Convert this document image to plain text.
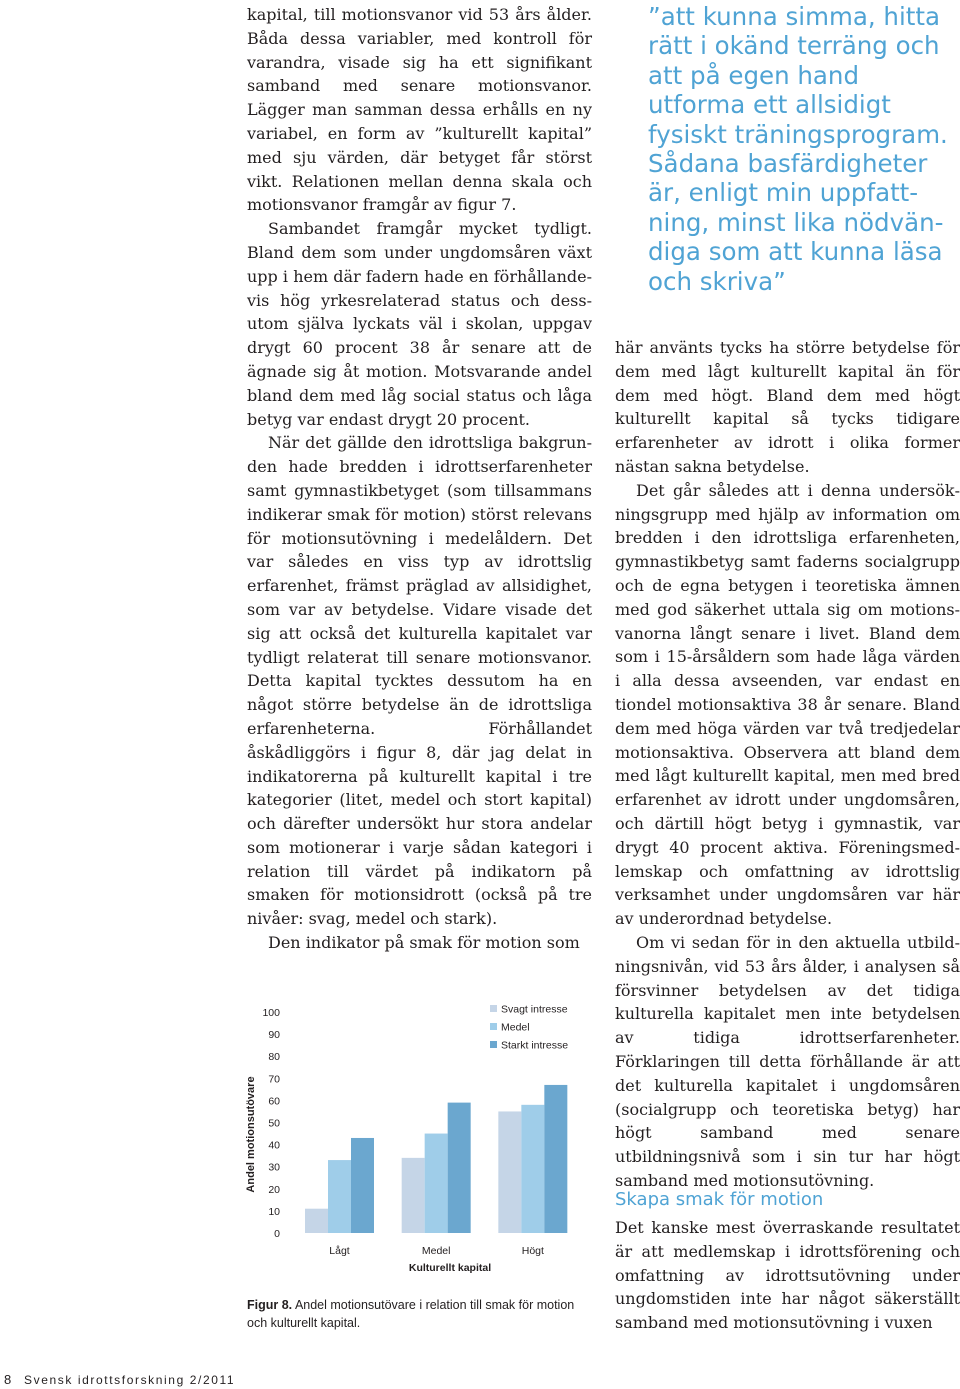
”att kunna simma, hitta rätt i okänd terräng och att på egen hand utforma ett allsidigt fysiskt träningsprogram. Sådana basfärdigheter är, enligt min uppfattning, minst lika nödvändiga som att kunna läsa och skriva”

kapital, till motionsvanor vid 53 års ålder. Båda dessa variabler, med kontroll för varandra, visade sig ha ett signifikant samband med senare motionsvanor. Lägger man samman dessa erhålls en ny variabel, en form av ”kulturellt kapital” med sju värden, där betyget får störst vikt. Relationen mellan denna skala och motionsvanor framgår av figur 7.

Sambandet framgår mycket tydligt. Bland dem som under ungdomsåren växt upp i hem där fadern hade en förhållandevis hög yrkesrelaterad status och dessutom själva lyckats väl i skolan, uppgav drygt 60 procent 38 år senare att de ägnade sig åt motion. Motsvarande andel bland dem med låg social status och låga betyg var endast drygt 20 procent.

När det gällde den idrottsliga bakgrunden hade bredden i idrottserfarenheter samt gymnastikbetyget (som tillsammans indikerar smak för motion) störst relevans för motionsutövning i medelåldern. Det var således en viss typ av idrottslig erfarenhet, främst präglad av allsidighet, som var av betydelse. Vidare visade det sig att också det kulturella kapitalet var tydligt relaterat till senare motionsvanor. Detta kapital tycktes dessutom ha en något större betydelse än de idrottsliga erfarenheterna. Förhållandet åskådliggörs i figur 8, där jag delat in indikatorerna på kulturellt kapital i tre kategorier (litet, medel och stort kapital) och därefter undersökt hur stora andelar som motionerar i varje sådan kategori i relation till värdet på indikatorn på smaken för motionsidrott (också på tre nivåer: svag, medel och stark).

Den indikator på smak för motion som

här använts tycks ha större betydelse för dem med lågt kulturellt kapital än för dem med högt. Bland dem med högt kulturellt kapital så tycks tidigare erfarenheter av idrott i olika former nästan sakna betydelse.

Det går således att i denna undersökningsgrupp med hjälp av information om bredden i den idrottsliga erfarenheten, gymnastikbetyg samt faderns socialgrupp och de egna betygen i teoretiska ämnen med god säkerhet uttala sig om motionsvanorna långt senare i livet. Bland dem som i 15-årsåldern som hade låga värden i alla dessa avseenden, var endast en tiondel motionsaktiva 38 år senare. Bland dem med höga värden var två tredjedelar motionsaktiva. Observera att bland dem med lågt kulturellt kapital, men med bred erfarenhet av idrott under ungdomsåren, och därtill högt betyg i gymnastik, var drygt 40 procent aktiva. Föreningsmedlemskap och omfattning av idrottslig verksamhet under ungdomsåren var här av underordnad betydelse.

Om vi sedan för in den aktuella utbildningsnivån, vid 53 års ålder, i analysen så försvinner betydelsen av det tidiga kulturella kapitalet men inte betydelsen av tidiga idrottserfarenheter. Förklaringen till detta förhållande är att det kulturella kapitalet i ungdomsåren (socialgrupp och teoretiska betyg) har högt samband med senare utbildningsnivå som i sin tur har högt samband med motionsutövning.

Skapa smak för motion

Det kanske mest överraskande resultatet är att medlemskap i idrottsförening och omfattning av idrottsutövning under ungdomstiden inte har något säkerställt samband med motionsutövning i vuxen

0
10
20
30
40
50
60
70
80
90
100
Andel motionsutövare
Lågt	Medel	Högt
Kulturellt kapital
Svagt intresse
Medel
Starkt intresse
Figur 8. Andel motionsutövare i relation till smak för motion och kulturellt kapital.
8 Svensk idrottsforskning 2/2011
